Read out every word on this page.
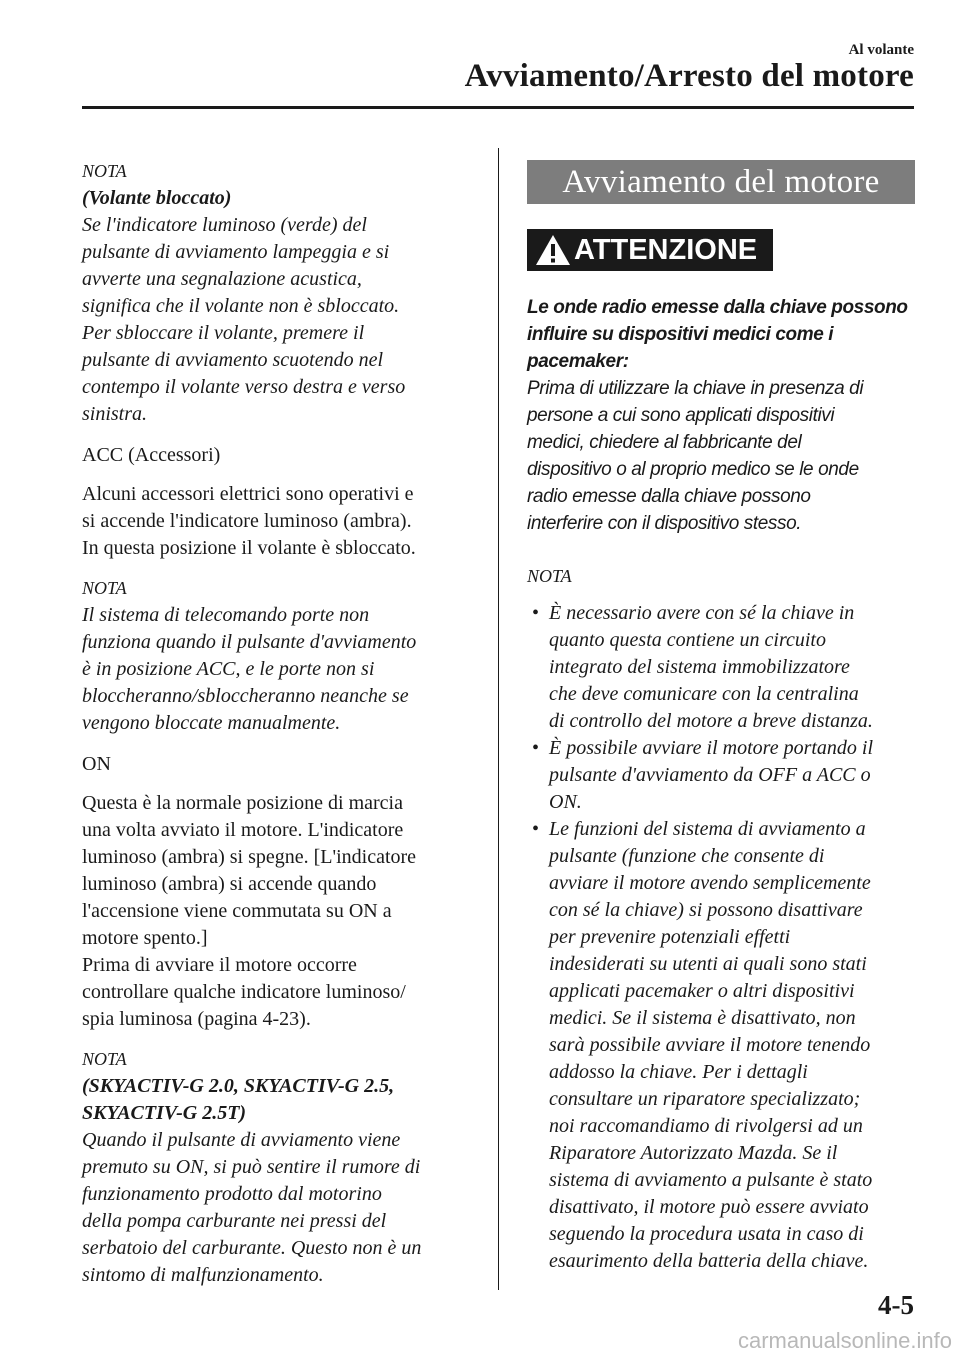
Al volante
Avviamento/Arresto del motore

NOTA

(Volante bloccato)

Se l'indicatore luminoso (verde) del
pulsante di avviamento lampeggia e si
avverte una segnalazione acustica,
significa che il volante non è sbloccato.
Per sbloccare il volante, premere il
pulsante di avviamento scuotendo nel
contempo il volante verso destra e verso
sinistra.

ACC (Accessori)

Alcuni accessori elettrici sono operativi e
si accende l'indicatore luminoso (ambra).
In questa posizione il volante è sbloccato.

NOTA

Il sistema di telecomando porte non
funziona quando il pulsante d'avviamento
è in posizione ACC, e le porte non si
bloccheranno/sbloccheranno neanche se
vengono bloccate manualmente.

ON

Questa è la normale posizione di marcia
una volta avviato il motore. L'indicatore
luminoso (ambra) si spegne. [L'indicatore
luminoso (ambra) si accende quando
l'accensione viene commutata su ON a
motore spento.]
Prima di avviare il motore occorre
controllare qualche indicatore luminoso/
spia luminosa (pagina 4-23).

NOTA

(SKYACTIV-G 2.0, SKYACTIV-G 2.5,
SKYACTIV-G 2.5T)

Quando il pulsante di avviamento viene
premuto su ON, si può sentire il rumore di
funzionamento prodotto dal motorino
della pompa carburante nei pressi del
serbatoio del carburante. Questo non è un
sintomo di malfunzionamento.

Avviamento del motore
ATTENZIONE

Le onde radio emesse dalla chiave possono
influire su dispositivi medici come i
pacemaker:

Prima di utilizzare la chiave in presenza di
persone a cui sono applicati dispositivi
medici, chiedere al fabbricante del
dispositivo o al proprio medico se le onde
radio emesse dalla chiave possono
interferire con il dispositivo stesso.

NOTA

• È necessario avere con sé la chiave in
quanto questa contiene un circuito
integrato del sistema immobilizzatore
che deve comunicare con la centralina
di controllo del motore a breve distanza.

• È possibile avviare il motore portando il
pulsante d'avviamento da OFF a ACC o
ON.

• Le funzioni del sistema di avviamento a
pulsante (funzione che consente di
avviare il motore avendo semplicemente
con sé la chiave) si possono disattivare
per prevenire potenziali effetti
indesiderati su utenti ai quali sono stati
applicati pacemaker o altri dispositivi
medici. Se il sistema è disattivato, non
sarà possibile avviare il motore tenendo
addosso la chiave. Per i dettagli
consultare un riparatore specializzato;
noi raccomandiamo di rivolgersi ad un
Riparatore Autorizzato Mazda. Se il
sistema di avviamento a pulsante è stato
disattivato, il motore può essere avviato
seguendo la procedura usata in caso di
esaurimento della batteria della chiave.

4-5
carmanualsonline.info
